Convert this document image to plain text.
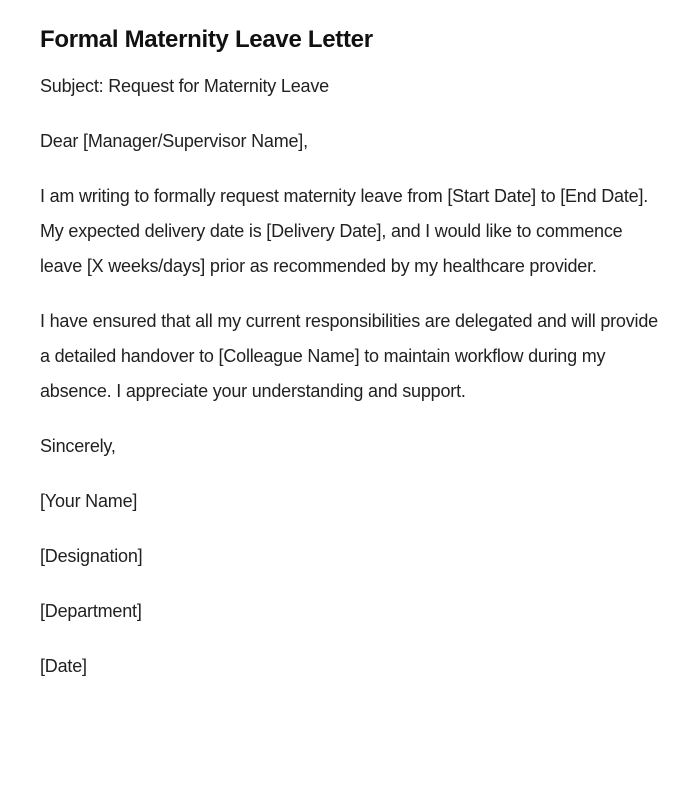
Formal Maternity Leave Letter

Subject: Request for Maternity Leave

Dear [Manager/Supervisor Name],

I am writing to formally request maternity leave from [Start Date] to [End Date]. My expected delivery date is [Delivery Date], and I would like to commence leave [X weeks/days] prior as recommended by my healthcare provider.

I have ensured that all my current responsibilities are delegated and will provide a detailed handover to [Colleague Name] to maintain workflow during my absence. I appreciate your understanding and support.

Sincerely,

[Your Name]

[Designation]

[Department]

[Date]
